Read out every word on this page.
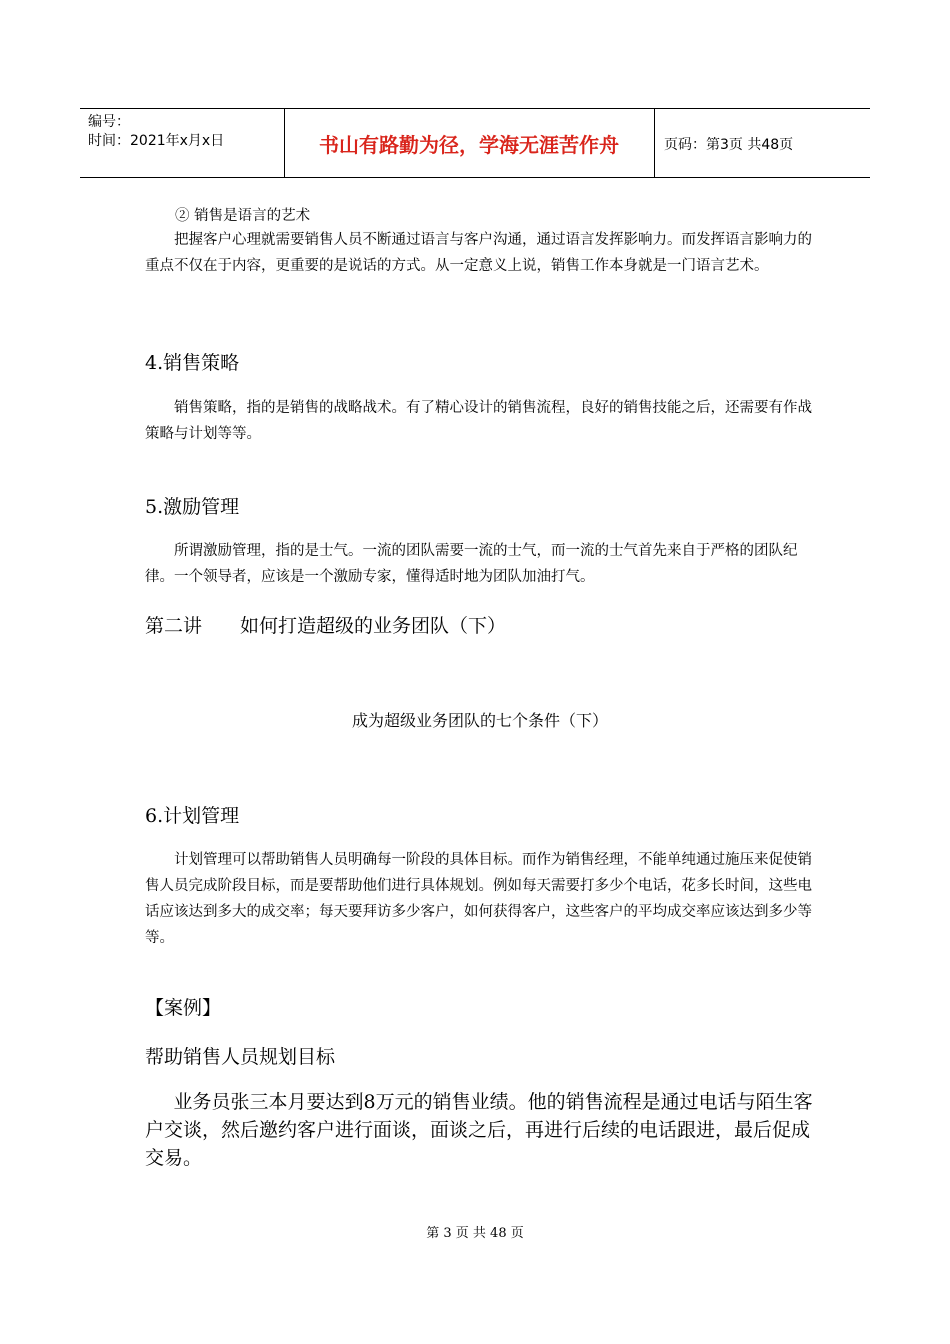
编号：
时间：2021年x月x日	书山有路勤为径，学海无涯苦作舟	页码：第3页 共48页

② 销售是语言的艺术

把握客户心理就需要销售人员不断通过语言与客户沟通，通过语言发挥影响力。而发挥语言影响力的重点不仅在于内容，更重要的是说话的方式。从一定意义上说，销售工作本身就是一门语言艺术。

4.销售策略

销售策略，指的是销售的战略战术。有了精心设计的销售流程，良好的销售技能之后，还需要有作战策略与计划等等。

5.激励管理

所谓激励管理，指的是士气。一流的团队需要一流的士气，而一流的士气首先来自于严格的团队纪律。一个领导者，应该是一个激励专家，懂得适时地为团队加油打气。

第二讲　　如何打造超级的业务团队（下）

成为超级业务团队的七个条件（下）

6.计划管理

计划管理可以帮助销售人员明确每一阶段的具体目标。而作为销售经理，不能单纯通过施压来促使销售人员完成阶段目标，而是要帮助他们进行具体规划。例如每天需要打多少个电话，花多长时间，这些电话应该达到多大的成交率；每天要拜访多少客户，如何获得客户，这些客户的平均成交率应该达到多少等等。

【案例】

帮助销售人员规划目标

业务员张三本月要达到8万元的销售业绩。他的销售流程是通过电话与陌生客户交谈，然后邀约客户进行面谈，面谈之后，再进行后续的电话跟进，最后促成交易。

第 3 页 共 48 页
